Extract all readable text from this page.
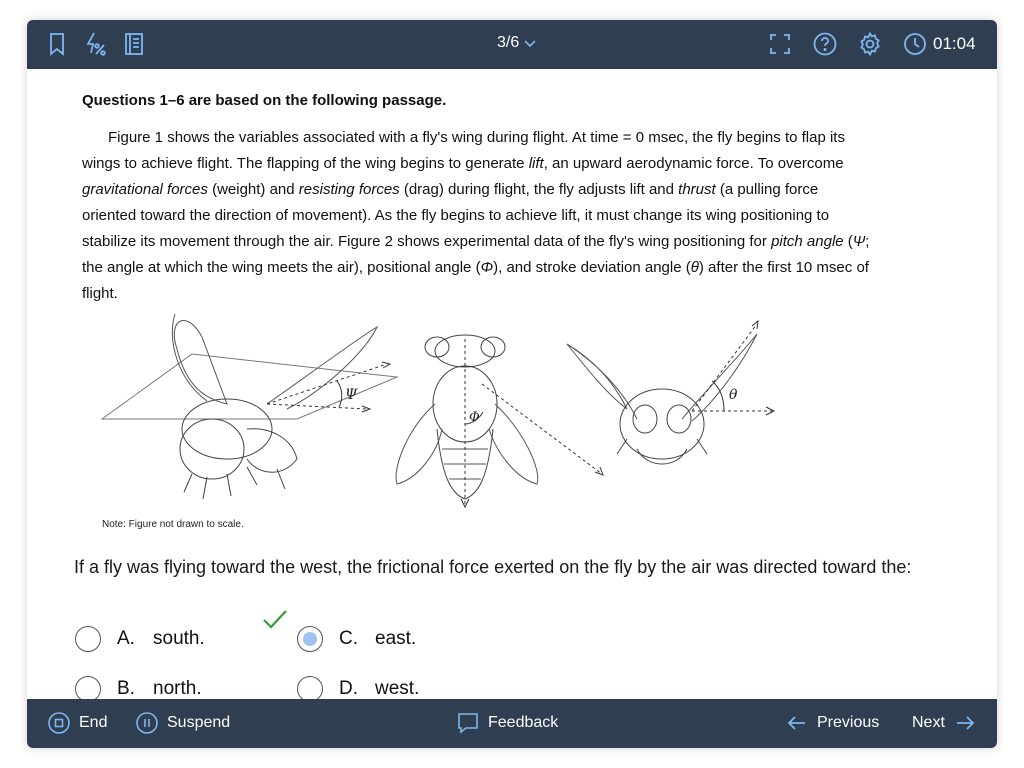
3/6	01:04
Questions 1–6 are based on the following passage.

Figure 1 shows the variables associated with a fly's wing during flight. At time = 0 msec, the fly begins to flap its wings to achieve flight. The flapping of the wing begins to generate lift, an upward aerodynamic force. To overcome gravitational forces (weight) and resisting forces (drag) during flight, the fly adjusts lift and thrust (a pulling force oriented toward the direction of movement). As the fly begins to achieve lift, it must change its wing positioning to stabilize its movement through the air. Figure 2 shows experimental data of the fly's wing positioning for pitch angle (Ψ; the angle at which the wing meets the air), positional angle (Φ), and stroke deviation angle (θ) after the first 10 msec of flight.

Ψ
Φ
θ
Note: Figure not drawn to scale.
If a fly was flying toward the west, the frictional force exerted on the fly by the air was directed toward the:
A. south.
B. north.
C. east.
D. west.
End	Suspend	Feedback	Previous Next
